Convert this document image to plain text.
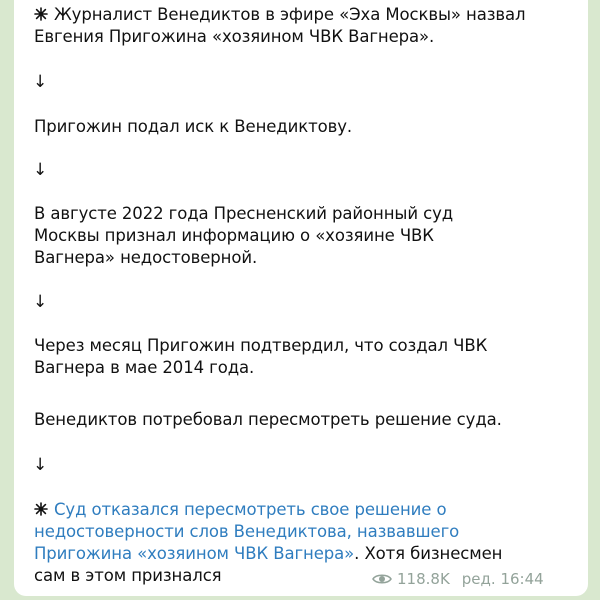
Журналист Венедиктов в эфире «Эха Москвы» назвал
Евгения Пригожина «хозяином ЧВК Вагнера».
↓
Пригожин подал иск к Венедиктову.
↓
В августе 2022 года Пресненский районный суд
Москвы признал информацию о «хозяине ЧВК
Вагнера» недостоверной.
↓
Через месяц Пригожин подтвердил, что создал ЧВК
Вагнера в мае 2014 года.
Венедиктов потребовал пересмотреть решение суда.
↓
Суд отказался пересмотреть свое решение о
недостоверности слов Венедиктова, назвавшего
Пригожина «хозяином ЧВК Вагнера». Хотя бизнесмен
сам в этом признался	118.8K ред. 16:44
